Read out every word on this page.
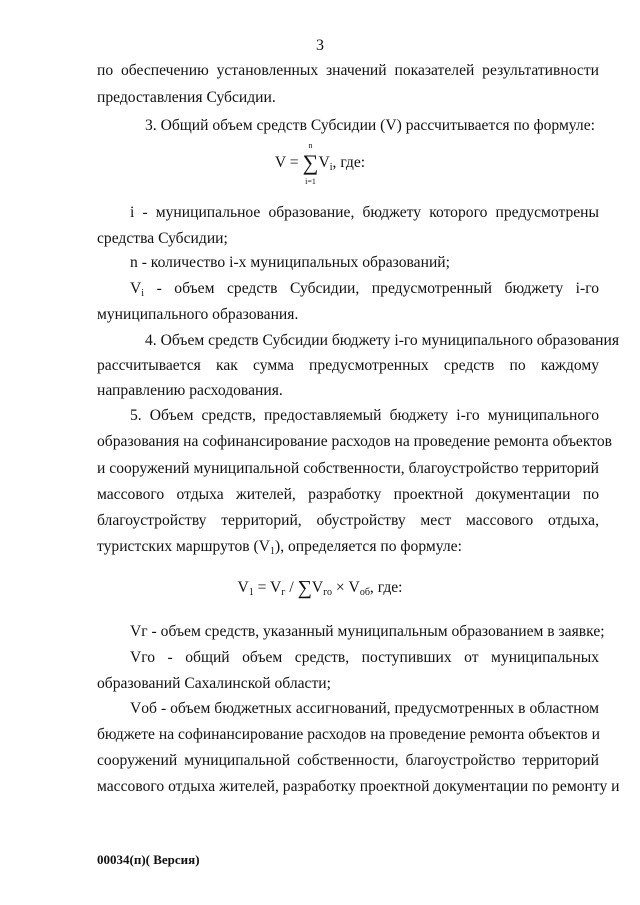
3
по обеспечению установленных значений показателей результативности
предоставления Субсидии.
3. Общий объем средств Субсидии (V) рассчитывается по формуле:
V =
n
∑
i=1
$V_i$, где:
i - муниципальное образование, бюджету которого предусмотрены
средства Субсидии;
n - количество i-х муниципальных образований;
$V_i$ - объем средств Субсидии, предусмотренный бюджету i-го
муниципального образования.
4. Объем средств Субсидии бюджету i-го муниципального образования
рассчитывается как сумма предусмотренных средств по каждому
направлению расходования.
5. Объем средств, предоставляемый бюджету i-го муниципального
образования на софинансирование расходов на проведение ремонта объектов
и сооружений муниципальной собственности, благоустройство территорий
массового отдыха жителей, разработку проектной документации по
благоустройству территорий, обустройству мест массового отдыха,
туристских маршрутов $(V_1)$, определяется по формуле:
$V_1 = V_г / \sum V_{го} \times V_{об}$, где:
Vг - объем средств, указанный муниципальным образованием в заявке;
Vго - общий объем средств, поступивших от муниципальных
образований Сахалинской области;
Vоб - объем бюджетных ассигнований, предусмотренных в областном
бюджете на софинансирование расходов на проведение ремонта объектов и
сооружений муниципальной собственности, благоустройство территорий
массового отдыха жителей, разработку проектной документации по ремонту и
00034(п)( Версия)
